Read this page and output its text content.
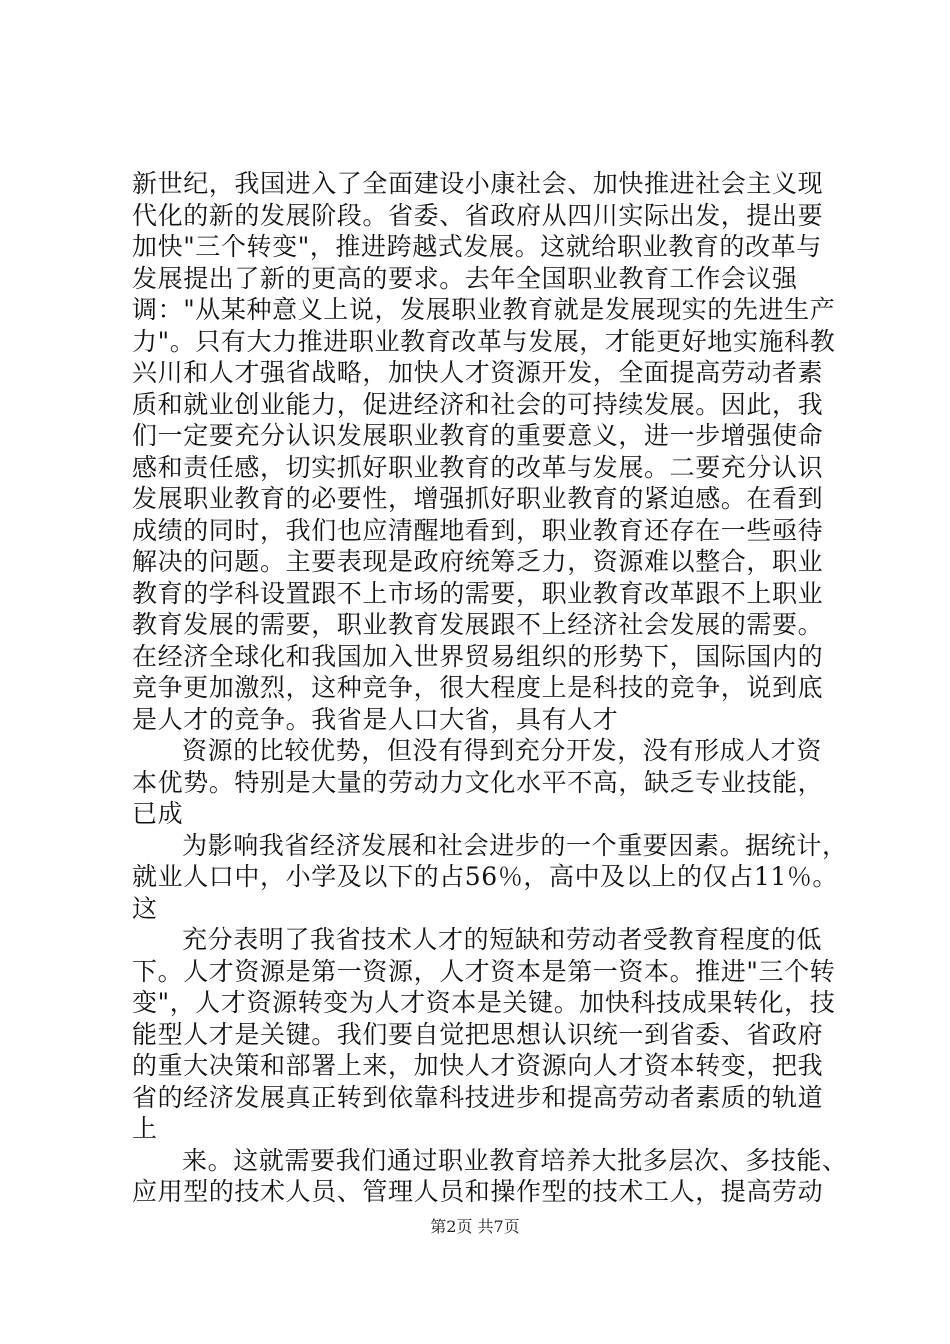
新世纪，我国进入了全面建设小康社会、加快推进社会主义现
代化的新的发展阶段。省委、省政府从四川实际出发，提出要
加快"三个转变"，推进跨越式发展。这就给职业教育的改革与
发展提出了新的更高的要求。去年全国职业教育工作会议强
调："从某种意义上说，发展职业教育就是发展现实的先进生产
力"。只有大力推进职业教育改革与发展，才能更好地实施科教
兴川和人才强省战略，加快人才资源开发，全面提高劳动者素
质和就业创业能力，促进经济和社会的可持续发展。因此，我
们一定要充分认识发展职业教育的重要意义，进一步增强使命
感和责任感，切实抓好职业教育的改革与发展。二要充分认识
发展职业教育的必要性，增强抓好职业教育的紧迫感。在看到
成绩的同时，我们也应清醒地看到，职业教育还存在一些亟待
解决的问题。主要表现是政府统筹乏力，资源难以整合，职业
教育的学科设置跟不上市场的需要，职业教育改革跟不上职业
教育发展的需要，职业教育发展跟不上经济社会发展的需要。
在经济全球化和我国加入世界贸易组织的形势下，国际国内的
竞争更加激烈，这种竞争，很大程度上是科技的竞争，说到底
是人才的竞争。我省是人口大省，具有人才
资源的比较优势，但没有得到充分开发，没有形成人才资
本优势。特别是大量的劳动力文化水平不高，缺乏专业技能，
已成
为影响我省经济发展和社会进步的一个重要因素。据统计，
就业人口中，小学及以下的占56％，高中及以上的仅占11％。
这
充分表明了我省技术人才的短缺和劳动者受教育程度的低
下。人才资源是第一资源，人才资本是第一资本。推进"三个转
变"，人才资源转变为人才资本是关键。加快科技成果转化，技
能型人才是关键。我们要自觉把思想认识统一到省委、省政府
的重大决策和部署上来，加快人才资源向人才资本转变，把我
省的经济发展真正转到依靠科技进步和提高劳动者素质的轨道
上
来。这就需要我们通过职业教育培养大批多层次、多技能、
应用型的技术人员、管理人员和操作型的技术工人，提高劳动
第2页 共7页
